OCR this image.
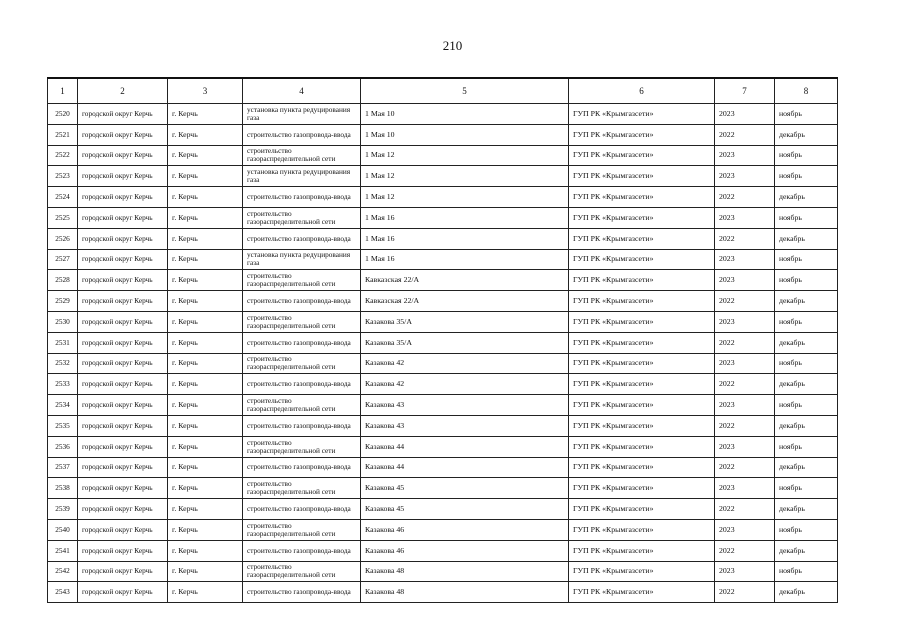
210
1	2	3	4	5	6	7	8
2520	городской округ Керчь	г. Керчь	установка пункта редуцирования газа	1 Мая 10	ГУП РК «Крымгазсети»	2023	ноябрь
2521	городской округ Керчь	г. Керчь	строительство газопровода-ввода	1 Мая 10	ГУП РК «Крымгазсети»	2022	декабрь
2522	городской округ Керчь	г. Керчь	строительство газораспределительной сети	1 Мая 12	ГУП РК «Крымгазсети»	2023	ноябрь
2523	городской округ Керчь	г. Керчь	установка пункта редуцирования газа	1 Мая 12	ГУП РК «Крымгазсети»	2023	ноябрь
2524	городской округ Керчь	г. Керчь	строительство газопровода-ввода	1 Мая 12	ГУП РК «Крымгазсети»	2022	декабрь
2525	городской округ Керчь	г. Керчь	строительство газораспределительной сети	1 Мая 16	ГУП РК «Крымгазсети»	2023	ноябрь
2526	городской округ Керчь	г. Керчь	строительство газопровода-ввода	1 Мая 16	ГУП РК «Крымгазсети»	2022	декабрь
2527	городской округ Керчь	г. Керчь	установка пункта редуцирования газа	1 Мая 16	ГУП РК «Крымгазсети»	2023	ноябрь
2528	городской округ Керчь	г. Керчь	строительство газораспределительной сети	Кавказская 22/А	ГУП РК «Крымгазсети»	2023	ноябрь
2529	городской округ Керчь	г. Керчь	строительство газопровода-ввода	Кавказская 22/А	ГУП РК «Крымгазсети»	2022	декабрь
2530	городской округ Керчь	г. Керчь	строительство газораспределительной сети	Казакова 35/А	ГУП РК «Крымгазсети»	2023	ноябрь
2531	городской округ Керчь	г. Керчь	строительство газопровода-ввода	Казакова 35/А	ГУП РК «Крымгазсети»	2022	декабрь
2532	городской округ Керчь	г. Керчь	строительство газораспределительной сети	Казакова 42	ГУП РК «Крымгазсети»	2023	ноябрь
2533	городской округ Керчь	г. Керчь	строительство газопровода-ввода	Казакова 42	ГУП РК «Крымгазсети»	2022	декабрь
2534	городской округ Керчь	г. Керчь	строительство газораспределительной сети	Казакова 43	ГУП РК «Крымгазсети»	2023	ноябрь
2535	городской округ Керчь	г. Керчь	строительство газопровода-ввода	Казакова 43	ГУП РК «Крымгазсети»	2022	декабрь
2536	городской округ Керчь	г. Керчь	строительство газораспределительной сети	Казакова 44	ГУП РК «Крымгазсети»	2023	ноябрь
2537	городской округ Керчь	г. Керчь	строительство газопровода-ввода	Казакова 44	ГУП РК «Крымгазсети»	2022	декабрь
2538	городской округ Керчь	г. Керчь	строительство газораспределительной сети	Казакова 45	ГУП РК «Крымгазсети»	2023	ноябрь
2539	городской округ Керчь	г. Керчь	строительство газопровода-ввода	Казакова 45	ГУП РК «Крымгазсети»	2022	декабрь
2540	городской округ Керчь	г. Керчь	строительство газораспределительной сети	Казакова 46	ГУП РК «Крымгазсети»	2023	ноябрь
2541	городской округ Керчь	г. Керчь	строительство газопровода-ввода	Казакова 46	ГУП РК «Крымгазсети»	2022	декабрь
2542	городской округ Керчь	г. Керчь	строительство газораспределительной сети	Казакова 48	ГУП РК «Крымгазсети»	2023	ноябрь
2543	городской округ Керчь	г. Керчь	строительство газопровода-ввода	Казакова 48	ГУП РК «Крымгазсети»	2022	декабрь
